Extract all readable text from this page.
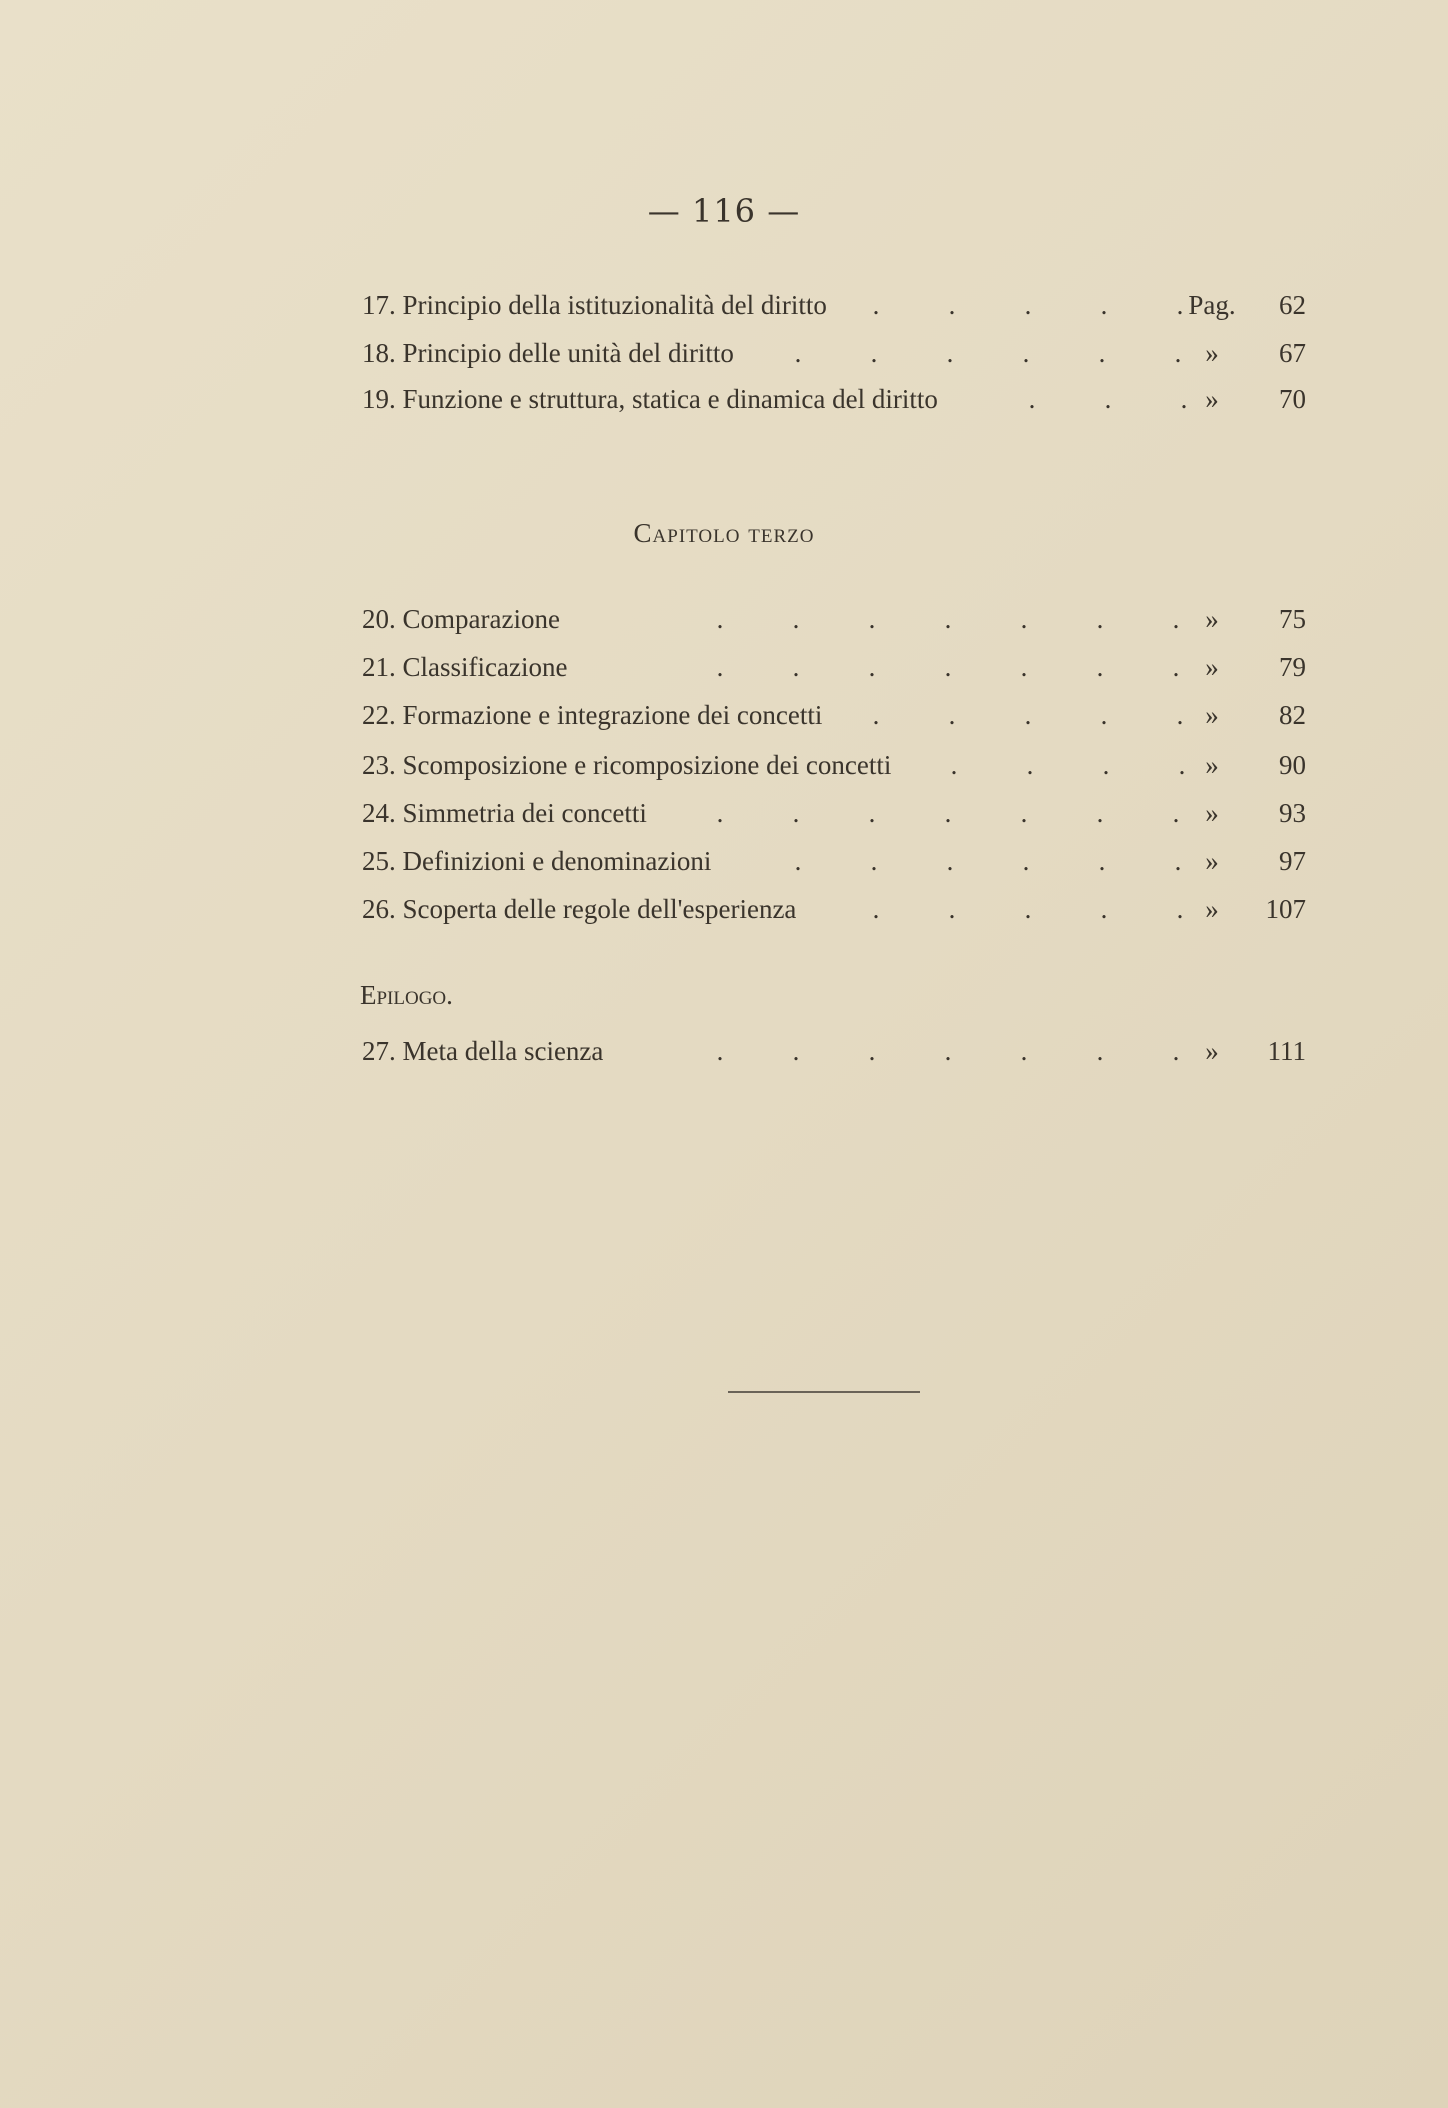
— 116 —
17. Principio della istituzionalità del diritto	.	.	.	.	. Pag.	62
18. Principio delle unità del diritto	.	.	.	.	.	. »	67
19. Funzione e struttura, statica e dinamica del diritto	.	.	. »	70
Capitolo terzo
20. Comparazione	.	.	.	.	.	.	. »	75
21. Classificazione	.	.	.	.	.	.	. »	79
22. Formazione e integrazione dei concetti	.	.	.	.	. »	82
23. Scomposizione e ricomposizione dei concetti	.	.	.	. »	90
24. Simmetria dei concetti	.	.	.	.	.	.	. »	93
25. Definizioni e denominazioni	.	.	.	.	.	. »	97
26. Scoperta delle regole dell'esperienza	.	.	.	.	. »	107
Epilogo.
27. Meta della scienza	.	.	.	.	.	.	. »	111
